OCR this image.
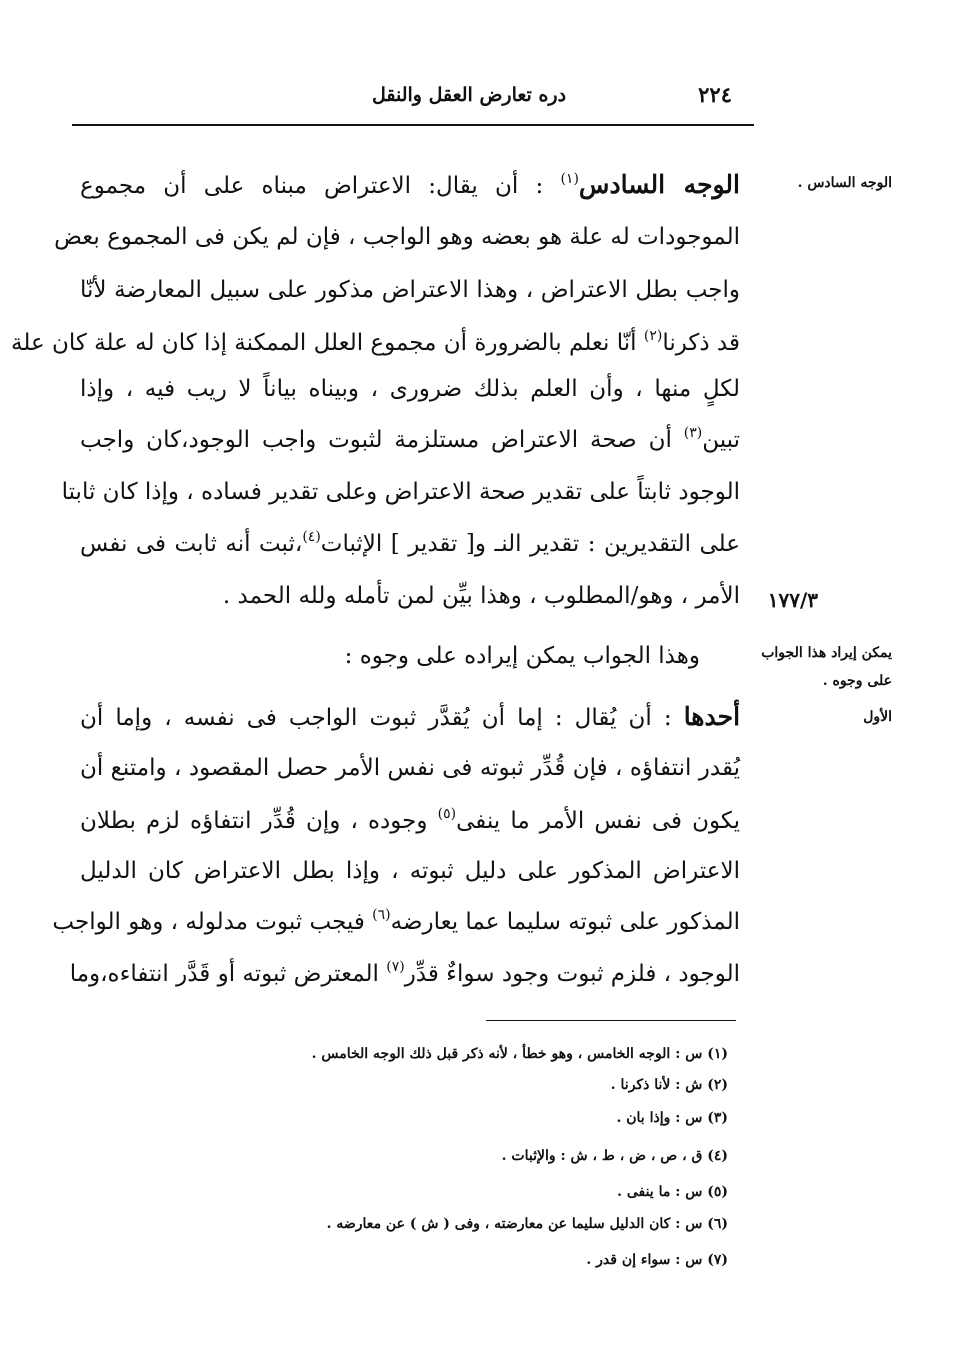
دره تعارض العقل والنقل	٢٢٤
الوجه السادس .
١٧٧/٣
يمكن إيراد هذا الجواب
على وجوه .
الأول
الوجه السادس$^{(١)}$ : أن يقال: الاعتراض مبناه على أن مجموع
الموجودات له علة هو بعضه وهو الواجب ، فإن لم يكن فى المجموع بعض
واجب بطل الاعتراض ، وهذا الاعتراض مذكور على سبيل المعارضة لأنّا
قد ذكرنا$^{(٢)}$ أنّا نعلم بالضرورة أن مجموع العلل الممكنة إذا كان له علة كان علة
لكلٍ منها ، وأن العلم بذلك ضرورى ، وبيناه بياناً لا ريب فيه ، وإذا
تبين$^{(٣)}$ أن صحة الاعتراض مستلزمة لثبوت واجب الوجود،كان واجب
الوجود ثابتاً على تقدير صحة الاعتراض وعلى تقدير فساده ، وإذا كان ثابتا
على التقديرين : تقدير النـ و[ تقدير ] الإثبات$^{(٤)}$،ثبت أنه ثابت فى نفس
الأمر ، وهو/المطلوب ، وهذا بيِّن لمن تأمله ولله الحمد .
وهذا الجواب يمكن إيراده على وجوه :
أحدها : أن يُقال : إما أن يُقدَّر ثبوت الواجب فى نفسه ، وإما أن
يُقدر انتفاؤه ، فإن قُدِّر ثبوته فى نفس الأمر حصل المقصود ، وامتنع أن
يكون فى نفس الأمر ما ينفى$^{(٥)}$ وجوده ، وإن قُدِّر انتفاؤه لزم بطلان
الاعتراض المذكور على دليل ثبوته ، وإذا بطل الاعتراض كان الدليل
المذكور على ثبوته سليما عما يعارضه$^{(٦)}$ فيجب ثبوت مدلوله ، وهو الواجب
الوجود ، فلزم ثبوت وجود سواءٌ قدِّر$^{(٧)}$ المعترض ثبوته أو قَدَّر انتفاءه،وما
(١) س : الوجه الخامس ، وهو خطأ ، لأنه ذكر قبل ذلك الوجه الخامس .
(٢) ش : لأنا ذكرنا .
(٣) س : وإذا بان .
(٤) ق ، ص ، ض ، ط ، ش : والإثبات .
(٥) س : ما ينفى .
(٦) س : كان الدليل سليما عن معارضته ، وفى ( ش ) عن معارضه .
(٧) س : سواء إن قدر .
